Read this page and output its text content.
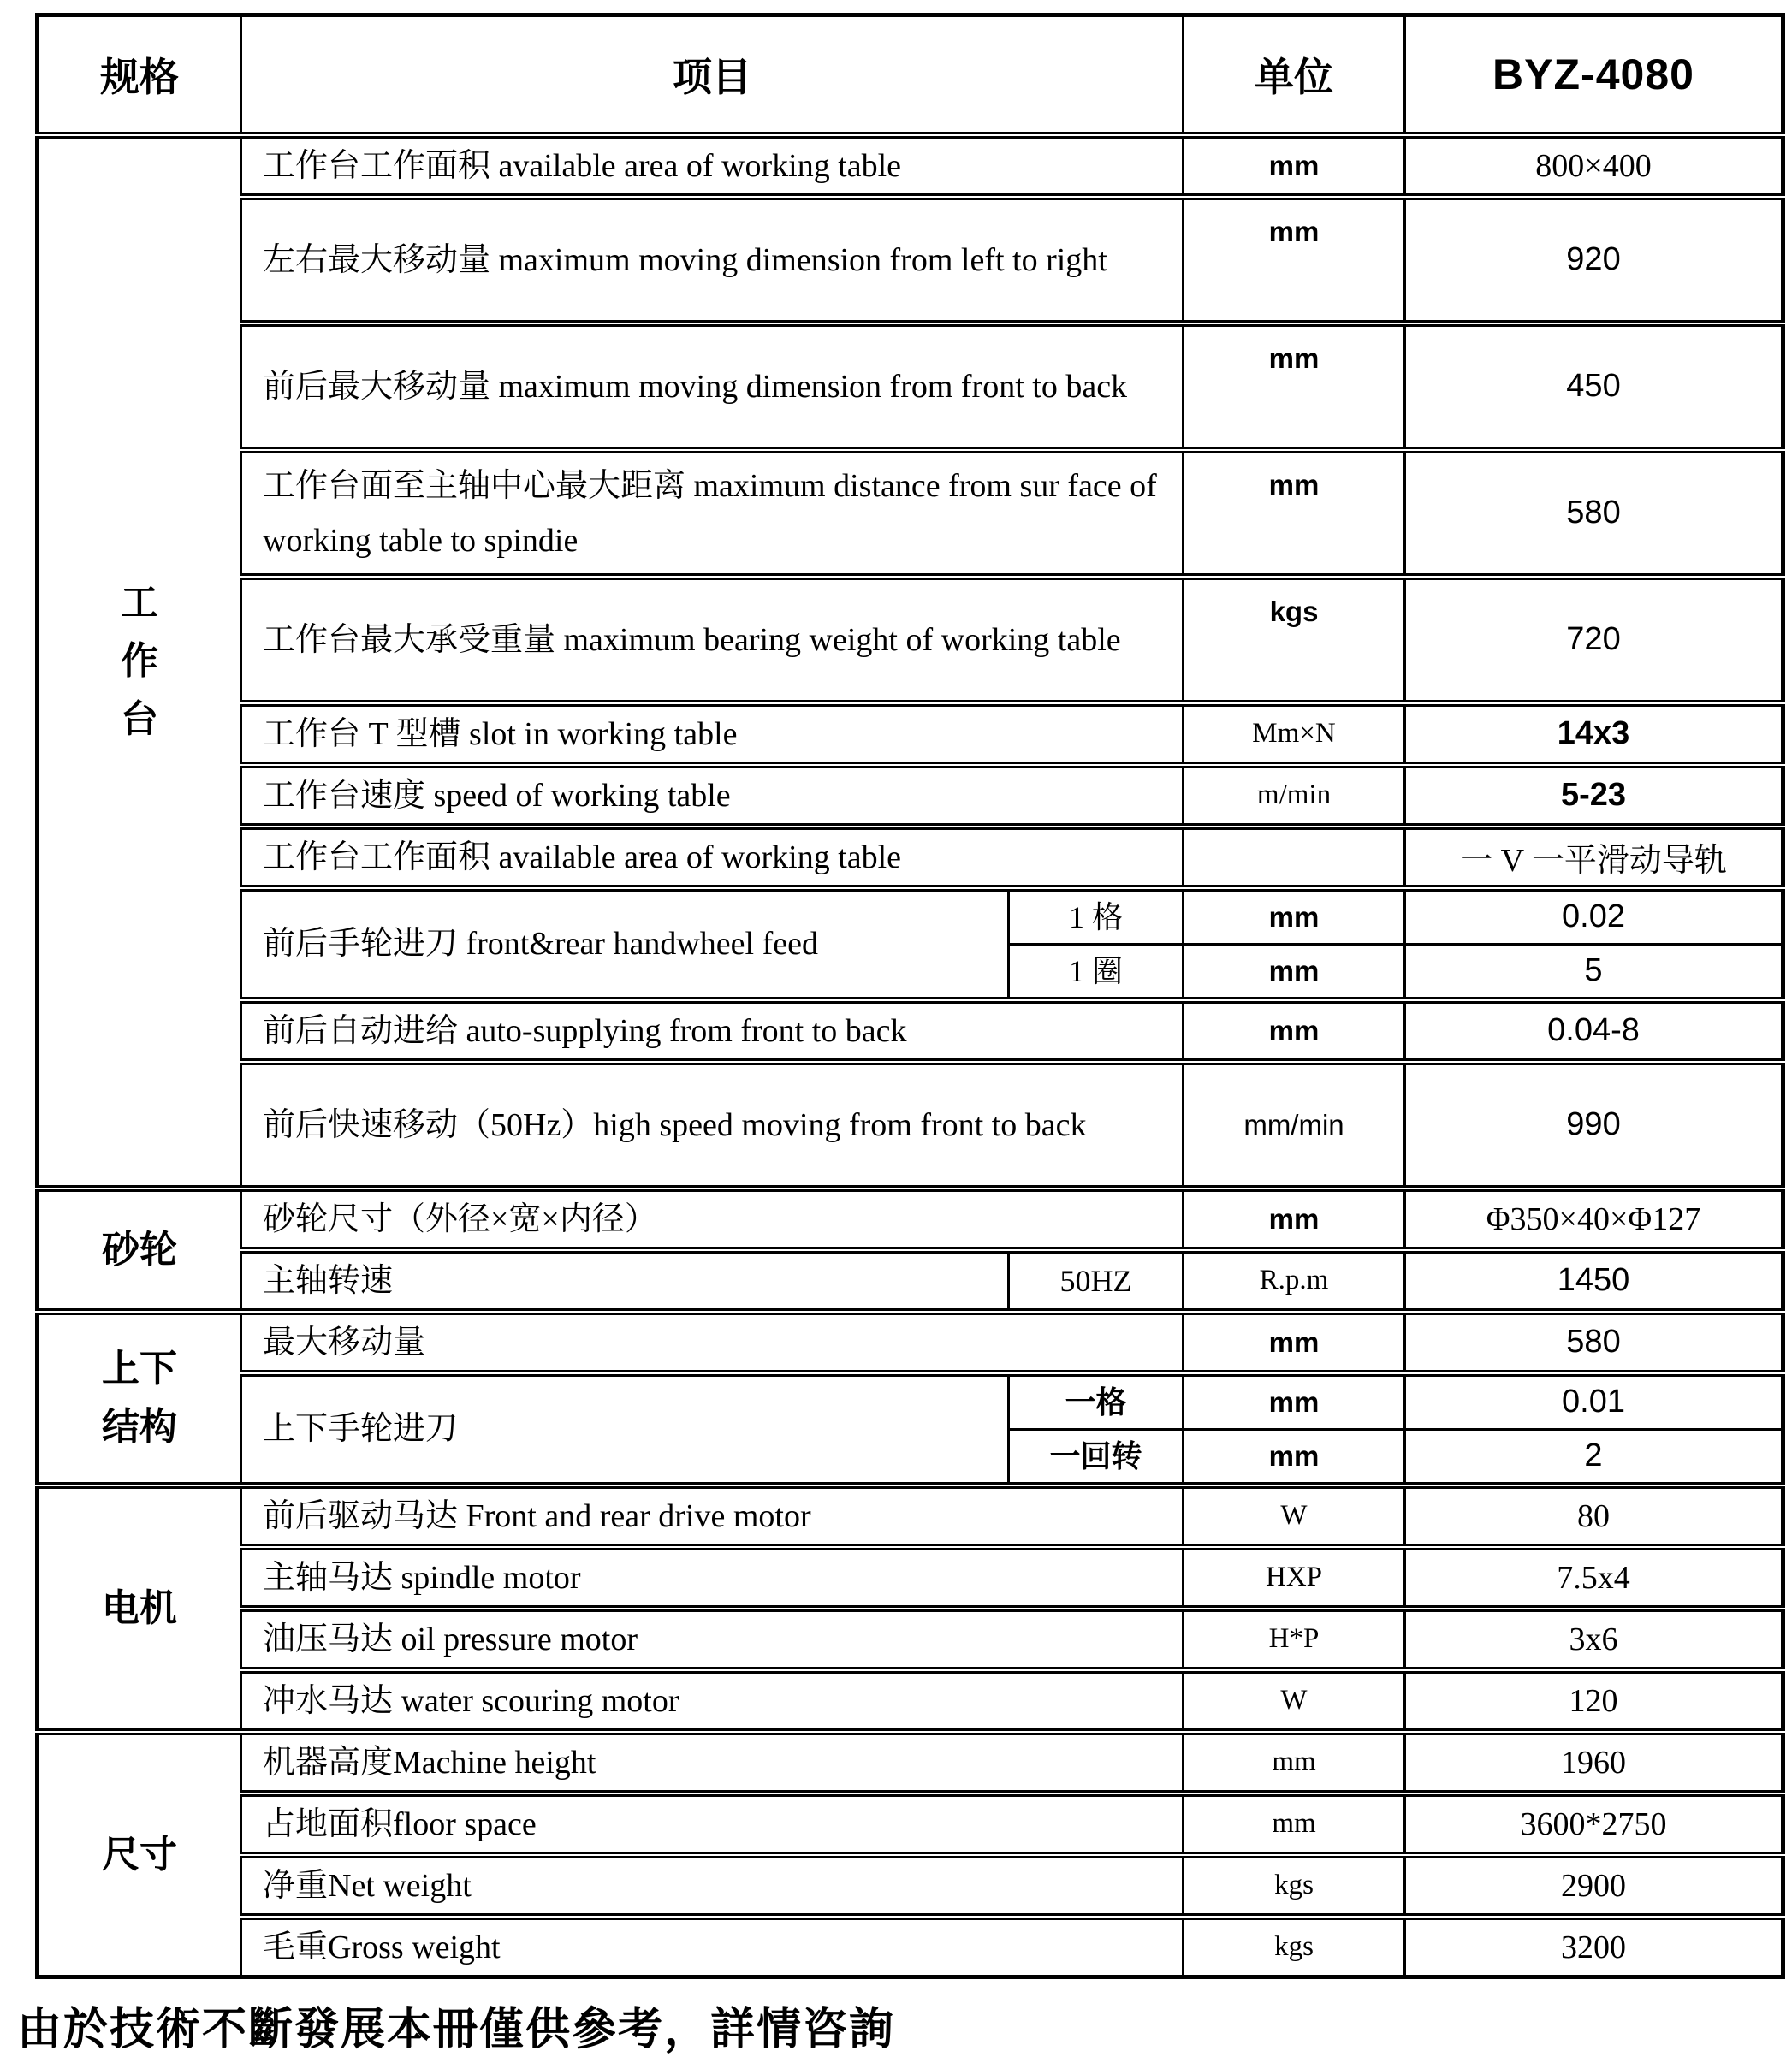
规格	项目		单位	BYZ-4080
工
作
台	工作台工作面积 available area of working table		mm	800×400
	左右最大移动量 maximum moving dimension from left to right		mm	920
	前后最大移动量 maximum moving dimension from front to back		mm	450
	工作台面至主轴中心最大距离 maximum distance from sur face of working table to spindie		mm	580
	工作台最大承受重量 maximum bearing weight of working table		kgs	720
	工作台 T 型槽 slot in working table		Mm×N	14x3
	工作台速度 speed of working table		m/min	5-23
	工作台工作面积 available area of working table			一 V 一平滑动导轨
	前后手轮进刀 front&rear handwheel feed	1 格	mm	0.02
		1 圈	mm	5
	前后自动进给 auto-supplying from front to back		mm	0.04-8
	前后快速移动（50Hz）high speed moving from front to back		mm/min	990
砂轮	砂轮尺寸（外径×宽×内径）		mm	Φ350×40×Φ127
	主轴转速	50HZ	R.p.m	1450
上下
结构	最大移动量		mm	580
	上下手轮进刀	一格	mm	0.01
		一回转	mm	2
电机	前后驱动马达 Front and rear drive motor		W	80
	主轴马达 spindle motor		HXP	7.5x4
	油压马达 oil pressure motor		H*P	3x6
	冲水马达 water scouring motor		W	120
尺寸	机器高度Machine height		mm	1960
	占地面积floor space		mm	3600*2750
	净重Net weight		kgs	2900
	毛重Gross weight		kgs	3200
由於技術不斷發展本冊僅供參考，詳情咨詢
